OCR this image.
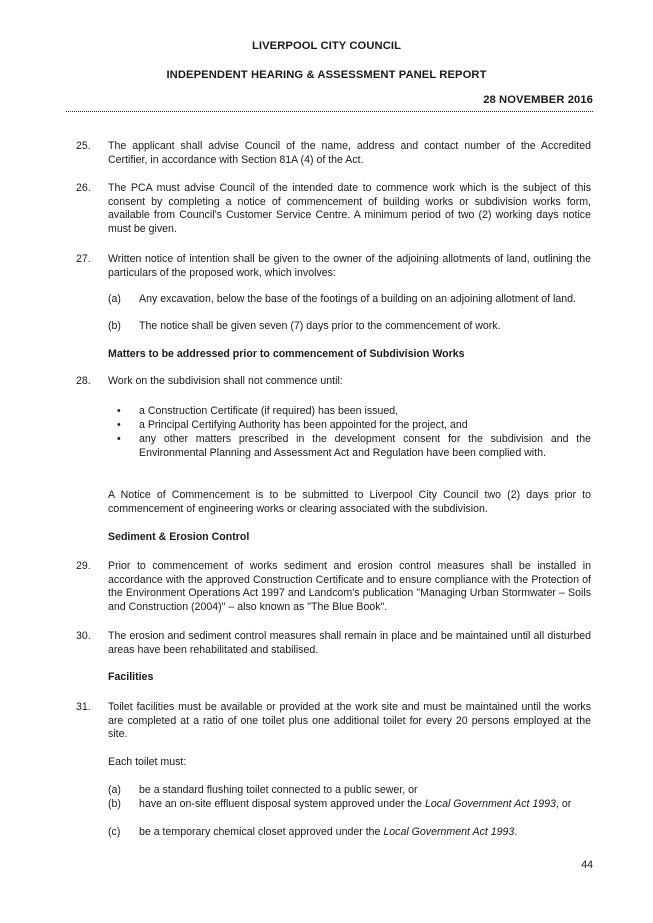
LIVERPOOL CITY COUNCIL
INDEPENDENT HEARING & ASSESSMENT PANEL REPORT
28 NOVEMBER 2016
25. The applicant shall advise Council of the name, address and contact number of the Accredited Certifier, in accordance with Section 81A (4) of the Act.
26. The PCA must advise Council of the intended date to commence work which is the subject of this consent by completing a notice of commencement of building works or subdivision works form, available from Council's Customer Service Centre. A minimum period of two (2) working days notice must be given.
27. Written notice of intention shall be given to the owner of the adjoining allotments of land, outlining the particulars of the proposed work, which involves:
(a) Any excavation, below the base of the footings of a building on an adjoining allotment of land.
(b) The notice shall be given seven (7) days prior to the commencement of work.
Matters to be addressed prior to commencement of Subdivision Works
28. Work on the subdivision shall not commence until:
• a Construction Certificate (if required) has been issued,
• a Principal Certifying Authority has been appointed for the project, and
• any other matters prescribed in the development consent for the subdivision and the Environmental Planning and Assessment Act and Regulation have been complied with.
A Notice of Commencement is to be submitted to Liverpool City Council two (2) days prior to commencement of engineering works or clearing associated with the subdivision.
Sediment & Erosion Control
29. Prior to commencement of works sediment and erosion control measures shall be installed in accordance with the approved Construction Certificate and to ensure compliance with the Protection of the Environment Operations Act 1997 and Landcom's publication "Managing Urban Stormwater – Soils and Construction (2004)" – also known as "The Blue Book".
30. The erosion and sediment control measures shall remain in place and be maintained until all disturbed areas have been rehabilitated and stabilised.
Facilities
31. Toilet facilities must be available or provided at the work site and must be maintained until the works are completed at a ratio of one toilet plus one additional toilet for every 20 persons employed at the site.
Each toilet must:
(a) be a standard flushing toilet connected to a public sewer, or
(b) have an on-site effluent disposal system approved under the Local Government Act 1993, or
(c) be a temporary chemical closet approved under the Local Government Act 1993.
44
